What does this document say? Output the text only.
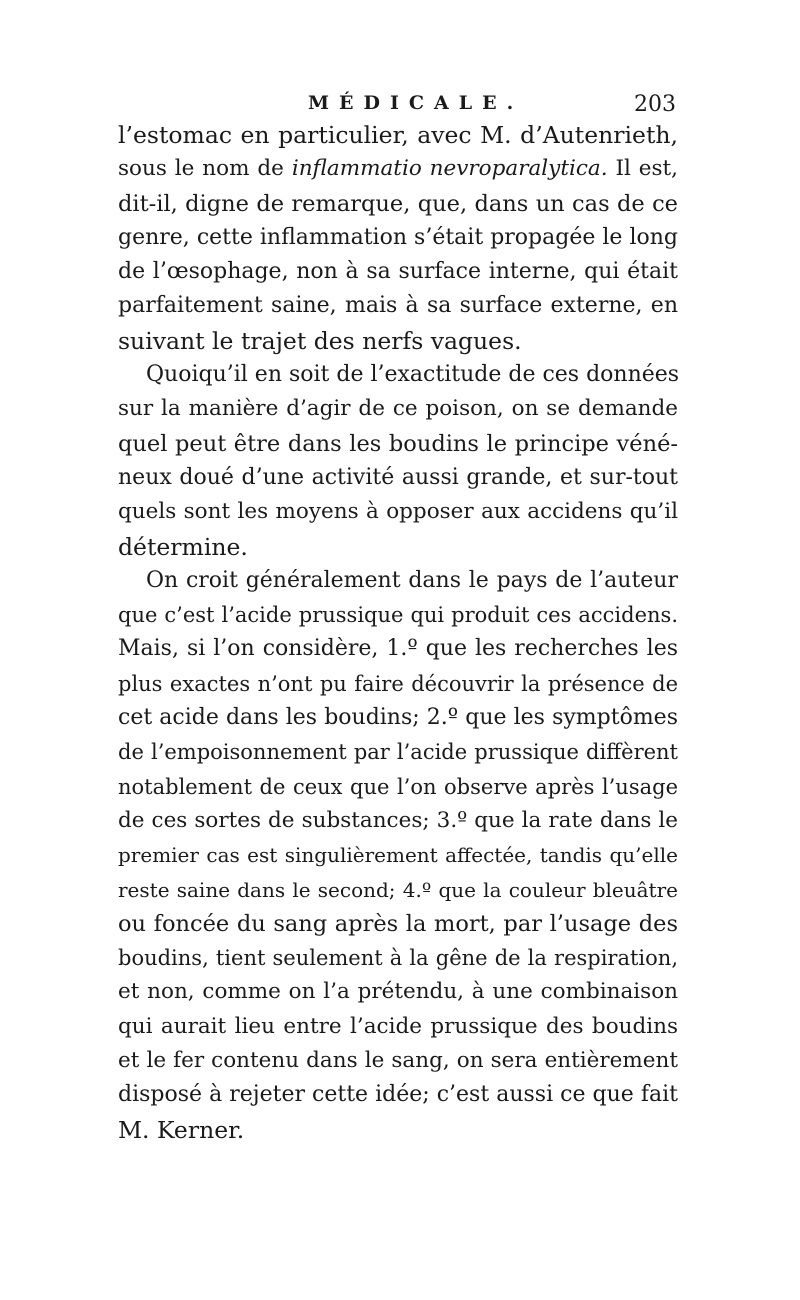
MÉDICALE.	203
l’estomac en particulier, avec M. d’Autenrieth,
sous le nom de inflammatio nevroparalytica. Il est,
dit-il, digne de remarque, que, dans un cas de ce
genre, cette inflammation s’était propagée le long
de l’œsophage, non à sa surface interne, qui était
parfaitement saine, mais à sa surface externe, en
suivant le trajet des nerfs vagues.
Quoiqu’il en soit de l’exactitude de ces données
sur la manière d’agir de ce poison, on se demande
quel peut être dans les boudins le principe véné-
neux doué d’une activité aussi grande, et sur-tout
quels sont les moyens à opposer aux accidens qu’il
détermine.
On croit généralement dans le pays de l’auteur
que c’est l’acide prussique qui produit ces accidens.
Mais, si l’on considère, 1.º que les recherches les
plus exactes n’ont pu faire découvrir la présence de
cet acide dans les boudins; 2.º que les symptômes
de l’empoisonnement par l’acide prussique diffèrent
notablement de ceux que l’on observe après l’usage
de ces sortes de substances; 3.º que la rate dans le
premier cas est singulièrement affectée, tandis qu’elle
reste saine dans le second; 4.º que la couleur bleuâtre
ou foncée du sang après la mort, par l’usage des
boudins, tient seulement à la gêne de la respiration,
et non, comme on l’a prétendu, à une combinaison
qui aurait lieu entre l’acide prussique des boudins
et le fer contenu dans le sang, on sera entièrement
disposé à rejeter cette idée; c’est aussi ce que fait
M. Kerner.
